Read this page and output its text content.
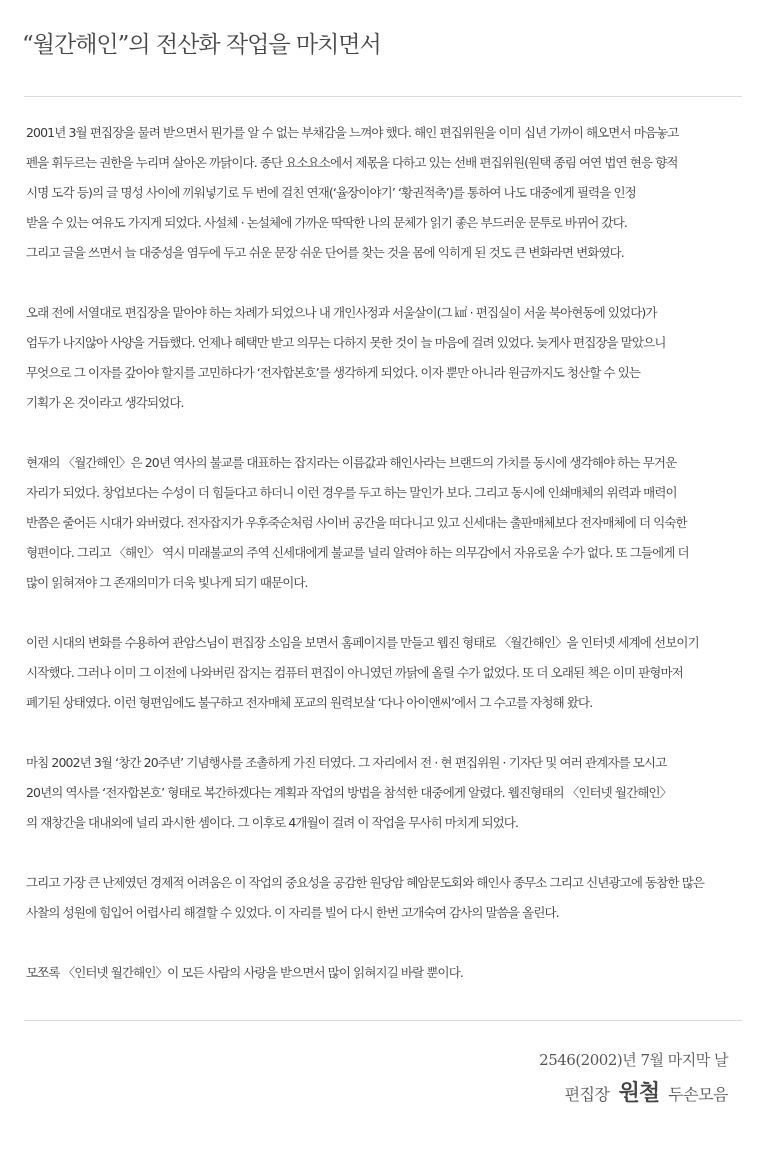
“월간해인”의 전산화 작업을 마치면서

2001년 3월 편집장을 물려 받으면서 뭔가를 알 수 없는 부채감을 느껴야 했다. 해인 편집위원을 이미 십년 가까이 해오면서 마음놓고
펜을 휘두르는 권한을 누리며 살아온 까닭이다. 종단 요소요소에서 제몫을 다하고 있는 선배 편집위원(원택 종림 여연 법연 현응 향적
시명 도각 등)의 글 명성 사이에 끼워넣기로 두 번에 걸친 연재(‘율장이야기’ ‘황권적축’)를 통하여 나도 대중에게 필력을 인정
받을 수 있는 여유도 가지게 되었다. 사설체 · 논설체에 가까운 딱딱한 나의 문체가 읽기 좋은 부드러운 문투로 바뀌어 갔다.
그리고 글을 쓰면서 늘 대중성을 염두에 두고 쉬운 문장 쉬운 단어를 찾는 것을 몸에 익히게 된 것도 큰 변화라면 변화였다.

오래 전에 서열대로 편집장을 맡아야 하는 차례가 되었으나 내 개인사정과 서울살이(그 ㎢ · 편집실이 서울 북아현동에 있었다)가
엄두가 나지않아 사양을 거듭했다. 언제나 혜택만 받고 의무는 다하지 못한 것이 늘 마음에 걸려 있었다. 늦게사 편집장을 맡았으니
무엇으로 그 이자를 갚아야 할지를 고민하다가 ‘전자합본호’를 생각하게 되었다. 이자 뿐만 아니라 원금까지도 청산할 수 있는
기획가 온 것이라고 생각되었다.

현재의 〈월간해인〉은 20년 역사의 불교를 대표하는 잡지라는 이름값과 해인사라는 브랜드의 가치를 동시에 생각해야 하는 무거운
자리가 되었다. 창업보다는 수성이 더 힘들다고 하더니 이런 경우를 두고 하는 말인가 보다. 그리고 동시에 인쇄매체의 위력과 매력이
반쯤은 줄어든 시대가 와버렸다. 전자잡지가 우후죽순처럼 사이버 공간을 떠다니고 있고 신세대는 출판매체보다 전자매체에 더 익숙한
형편이다. 그리고 〈해인〉 역시 미래불교의 주역 신세대에게 불교를 널리 알려야 하는 의무감에서 자유로울 수가 없다. 또 그들에게 더
많이 읽혀져야 그 존재의미가 더욱 빛나게 되기 때문이다.

이런 시대의 변화를 수용하여 관암스님이 편집장 소임을 보면서 홈페이지를 만들고 웹진 형태로 〈월간해인〉을 인터넷 세계에 선보이기
시작했다. 그러나 이미 그 이전에 나와버린 잡지는 컴퓨터 편집이 아니였던 까닭에 올릴 수가 없었다. 또 더 오래된 책은 이미 판형마저
폐기된 상태였다. 이런 형편임에도 불구하고 전자매체 포교의 원력보살 ‘다나 아이앤씨’에서 그 수고를 자청해 왔다.

마침 2002년 3월 ‘창간 20주년’ 기념행사를 조촐하게 가진 터였다. 그 자리에서 전 · 현 편집위원 · 기자단 및 여러 관계자를 모시고
20년의 역사를 ‘전자합본호’ 형태로 복간하겠다는 계획과 작업의 방법을 참석한 대중에게 알렸다. 웹진형태의 〈인터넷 월간해인〉
의 재창간을 대내외에 널리 과시한 셈이다. 그 이후로 4개월이 걸려 이 작업을 무사히 마치게 되었다.

그리고 가장 큰 난제였던 경제적 어려움은 이 작업의 중요성을 공감한 원당암 혜암문도회와 해인사 종무소 그리고 신년광고에 동참한 많은
사찰의 성원에 힘입어 어렵사리 해결할 수 있었다. 이 자리를 빌어 다시 한번 고개숙여 감사의 말씀을 올린다.

모쪼록 〈인터넷 월간해인〉이 모든 사람의 사랑을 받으면서 많이 읽혀지길 바랄 뿐이다.

2546(2002)년 7월 마지막 날
편집장 원철 두손모음
